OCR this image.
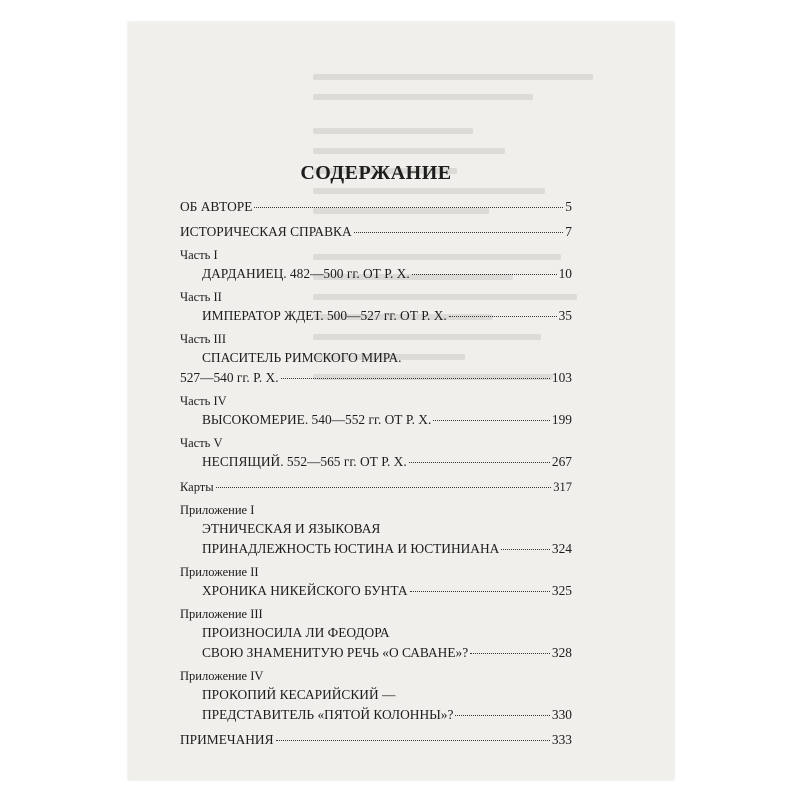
СОДЕРЖАНИЕ
ОБ АВТОРЕ	5
ИСТОРИЧЕСКАЯ СПРАВКА	7
Часть I
ДАРДАНИЕЦ. 482—500 гг. ОТ Р. Х.	10
Часть II
ИМПЕРАТОР ЖДЕТ. 500—527 гг. ОТ Р. Х.	35
Часть III
СПАСИТЕЛЬ РИМСКОГО МИРА.
527—540 гг. Р. Х.	103
Часть IV
ВЫСОКОМЕРИЕ. 540—552 гг. ОТ Р. Х.	199
Часть V
НЕСПЯЩИЙ. 552—565 гг. ОТ Р. Х.	267
Карты	317
Приложение I
ЭТНИЧЕСКАЯ И ЯЗЫКОВАЯ
ПРИНАДЛЕЖНОСТЬ ЮСТИНА И ЮСТИНИАНА	324
Приложение II
ХРОНИКА НИКЕЙСКОГО БУНТА	325
Приложение III
ПРОИЗНОСИЛА ЛИ ФЕОДОРА
СВОЮ ЗНАМЕНИТУЮ РЕЧЬ «О САВАНЕ»?	328
Приложение IV
ПРОКОПИЙ КЕСАРИЙСКИЙ —
ПРЕДСТАВИТЕЛЬ «ПЯТОЙ КОЛОННЫ»?	330
ПРИМЕЧАНИЯ	333
